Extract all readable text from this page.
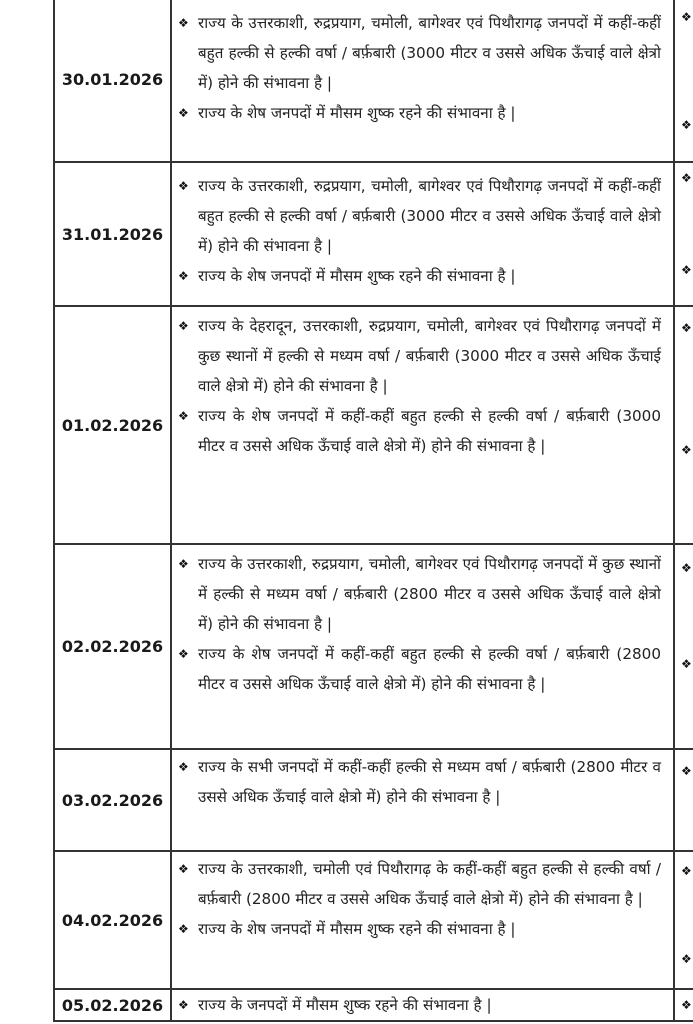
30.01.2026
❖ राज्य के उत्तरकाशी, रुद्रप्रयाग, चमोली, बागेश्वर एवं पिथौरागढ़ जनपदों में कहीं-कहीं बहुत हल्की से हल्की वर्षा / बर्फ़बारी (3000 मीटर व उससे अधिक ऊँचाई वाले क्षेत्रो में) होने की संभावना है |
❖ राज्य के शेष जनपदों में मौसम शुष्क रहने की संभावना है |
❖
❖
31.01.2026
❖ राज्य के उत्तरकाशी, रुद्रप्रयाग, चमोली, बागेश्वर एवं पिथौरागढ़ जनपदों में कहीं-कहीं बहुत हल्की से हल्की वर्षा / बर्फ़बारी (3000 मीटर व उससे अधिक ऊँचाई वाले क्षेत्रो में) होने की संभावना है |
❖ राज्य के शेष जनपदों में मौसम शुष्क रहने की संभावना है |
❖
❖
01.02.2026
❖ राज्य के देहरादून, उत्तरकाशी, रुद्रप्रयाग, चमोली, बागेश्वर एवं पिथौरागढ़ जनपदों में कुछ स्थानों में हल्की से मध्यम वर्षा / बर्फ़बारी (3000 मीटर व उससे अधिक ऊँचाई वाले क्षेत्रो में) होने की संभावना है |
❖ राज्य के शेष जनपदों में कहीं-कहीं बहुत हल्की से हल्की वर्षा / बर्फ़बारी (3000 मीटर व उससे अधिक ऊँचाई वाले क्षेत्रो में) होने की संभावना है |
❖
❖
02.02.2026
❖ राज्य के उत्तरकाशी, रुद्रप्रयाग, चमोली, बागेश्वर एवं पिथौरागढ़ जनपदों में कुछ स्थानों में हल्की से मध्यम वर्षा / बर्फ़बारी (2800 मीटर व उससे अधिक ऊँचाई वाले क्षेत्रो में) होने की संभावना है |
❖ राज्य के शेष जनपदों में कहीं-कहीं बहुत हल्की से हल्की वर्षा / बर्फ़बारी (2800 मीटर व उससे अधिक ऊँचाई वाले क्षेत्रो में) होने की संभावना है |
❖
❖
03.02.2026
❖ राज्य के सभी जनपदों में कहीं-कहीं हल्की से मध्यम वर्षा / बर्फ़बारी (2800 मीटर व उससे अधिक ऊँचाई वाले क्षेत्रो में) होने की संभावना है |
❖
04.02.2026
❖ राज्य के उत्तरकाशी, चमोली एवं पिथौरागढ़ के कहीं-कहीं बहुत हल्की से हल्की वर्षा / बर्फ़बारी (2800 मीटर व उससे अधिक ऊँचाई वाले क्षेत्रो में) होने की संभावना है |
❖ राज्य के शेष जनपदों में मौसम शुष्क रहने की संभावना है |
❖
❖
05.02.2026	❖ राज्य के जनपदों में मौसम शुष्क रहने की संभावना है |	❖
